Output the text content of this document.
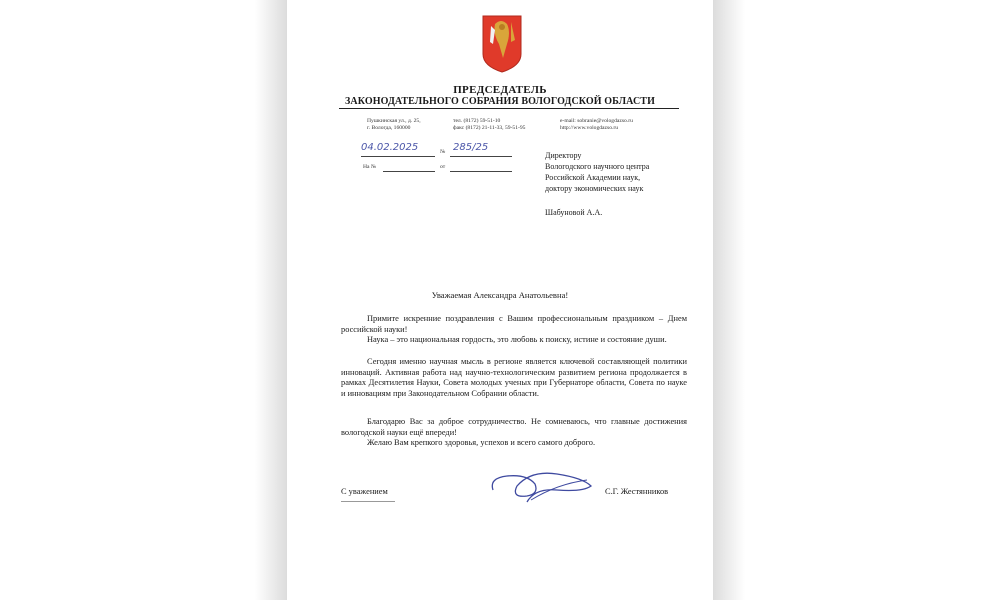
ПРЕДСЕДАТЕЛЬ
ЗАКОНОДАТЕЛЬНОГО СОБРАНИЯ ВОЛОГОДСКОЙ ОБЛАСТИ
Пушкинская ул., д. 25,
г. Вологда, 160000
тел. (8172) 59-51-10
факс (8172) 21-11-33, 59-51-95
e-mail: sobranie@vologdazso.ru
http://www.vologdazso.ru
04.02.2025	№ 285/25
На №	от
Директору
Вологодского научного центра
Российской Академии наук,
доктору экономических наук
Шабуновой А.А.
Уважаемая Александра Анатольевна!
Примите искренние поздравления с Вашим профессиональным праздником – Днем российской науки!
Наука – это национальная гордость, это любовь к поиску, истине и состояние души.
Сегодня именно научная мысль в регионе является ключевой составляющей политики инноваций. Активная работа над научно-технологическим развитием региона продолжается в рамках Десятилетия Науки, Совета молодых ученых при Губернаторе области, Совета по науке и инновациям при Законодательном Собрании области.
Благодарю Вас за доброе сотрудничество. Не сомневаюсь, что главные достижения вологодской науки ещё впереди!
Желаю Вам крепкого здоровья, успехов и всего самого доброго.
С уважением	С.Г. Жестянников
